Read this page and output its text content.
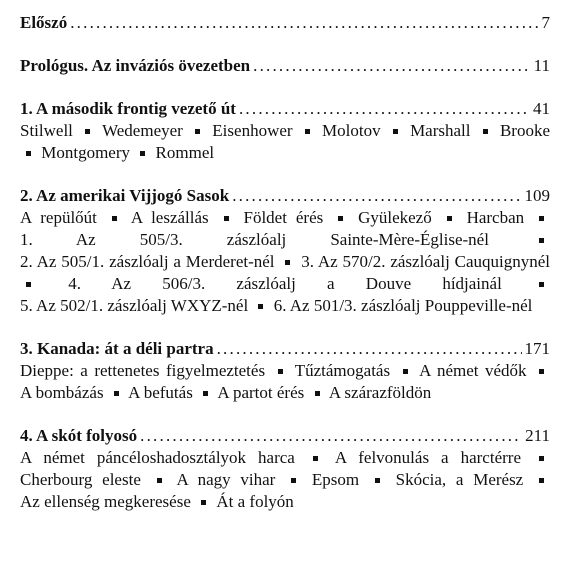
Előszó .....	7
Prológus. Az inváziós övezetben .....	11
1. A második frontig vezető út .....	41
Stilwell Wedemeyer Eisenhower Molotov Marshall Brooke  Montgomery Rommel
2. Az amerikai Vijjogó Sasok .....	109
A repülőút A leszállás Földet érés Gyülekező Harcban  1. Az 505/3. zászlóalj Sainte-Mère-Église-nél  2. Az 505/1. zászlóalj a Merderet-nél 3. Az 570/2. zászlóalj Cauquignynél  4. Az 506/3. zászlóalj a Douve hídjainál  5. Az 502/1. zászlóalj WXYZ-nél 6. Az 501/3. zászlóalj Pouppeville-nél
3. Kanada: át a déli partra .....	171
Dieppe: a rettenetes figyelmeztetés Tűztámogatás A német védők  A bombázás A befutás A partot érés A szárazföldön
4. A skót folyosó .....	211
A német páncéloshadosztályok harca A felvonulás a harctérre  Cherbourg eleste A nagy vihar Epsom Skócia, a Merész  Az ellenség megkeresése Át a folyón
